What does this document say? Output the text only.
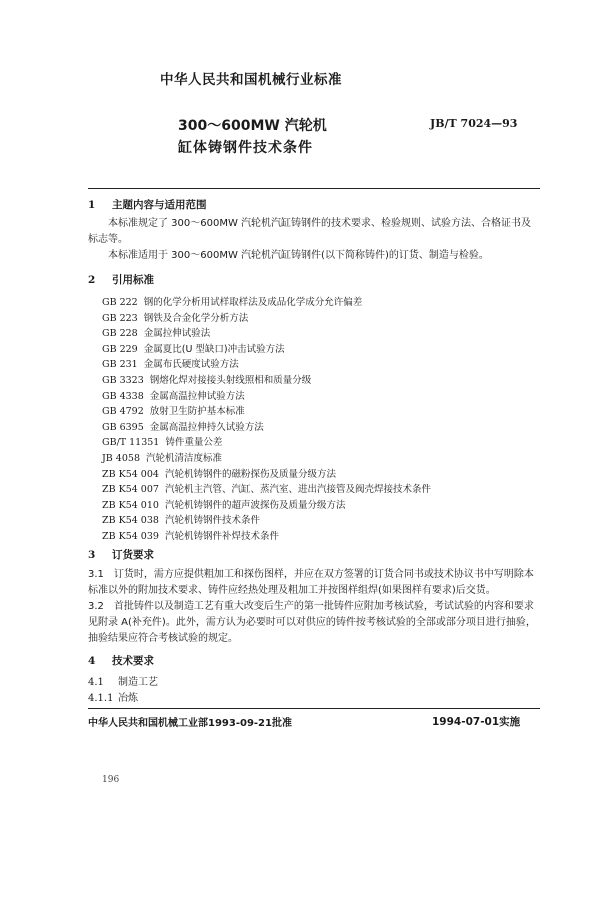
中华人民共和国机械行业标准
300～600MW 汽轮机
缸体铸钢件技术条件
JB/T 7024—93
1 主题内容与适用范围
本标准规定了 300～600MW 汽轮机汽缸铸钢件的技术要求、检验规则、试验方法、合格证书及标志等。
本标准适用于 300～600MW 汽轮机汽缸铸钢件(以下简称铸件)的订货、制造与检验。
2 引用标准
GB 222 钢的化学分析用试样取样法及成品化学成分允许偏差
GB 223 钢铁及合金化学分析方法
GB 228 金属拉伸试验法
GB 229 金属夏比(U 型缺口)冲击试验方法
GB 231 金属布氏硬度试验方法
GB 3323 钢熔化焊对接接头射线照相和质量分级
GB 4338 金属高温拉伸试验方法
GB 4792 放射卫生防护基本标准
GB 6395 金属高温拉伸持久试验方法
GB/T 11351 铸件重量公差
JB 4058 汽轮机清洁度标准
ZB K54 004 汽轮机铸钢件的磁粉探伤及质量分级方法
ZB K54 007 汽轮机主汽管、汽缸、蒸汽室、进出汽接管及阀壳焊接技术条件
ZB K54 010 汽轮机铸钢件的超声波探伤及质量分级方法
ZB K54 038 汽轮机铸钢件技术条件
ZB K54 039 汽轮机铸钢件补焊技术条件
3 订货要求
3.1　订货时，需方应提供粗加工和探伤图样，并应在双方签署的订货合同书或技术协议书中写明除本标准以外的附加技术要求、铸件应经热处理及粗加工并按图样组焊(如果图样有要求)后交货。
3.2　首批铸件以及制造工艺有重大改变后生产的第一批铸件应附加考核试验，考试试验的内容和要求见附录 A(补充件)。此外，需方认为必要时可以对供应的铸件按考核试验的全部或部分项目进行抽验，抽验结果应符合考核试验的规定。
4 技术要求
4.1 制造工艺
4.1.1 冶炼
中华人民共和国机械工业部1993-09-21批准	1994-07-01实施
196
